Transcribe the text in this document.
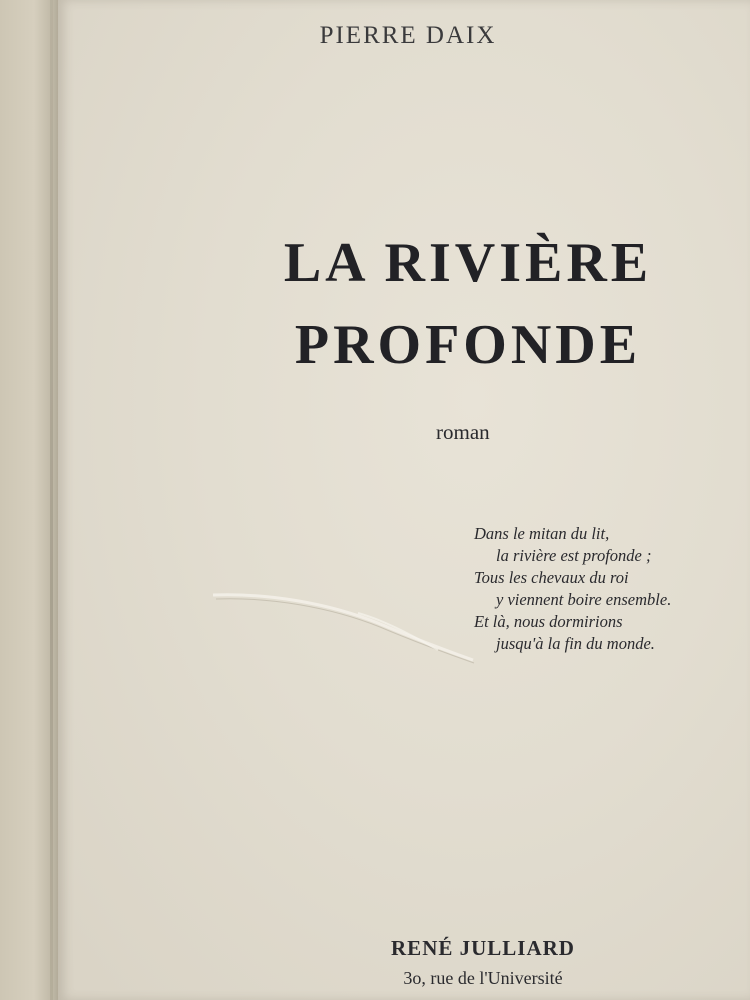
PIERRE DAIX
LA RIVIÈRE
PROFONDE
roman
Dans le mitan du lit,
la rivière est profonde ;
Tous les chevaux du roi
y viennent boire ensemble.
Et là, nous dormirions
jusqu'à la fin du monde.
RENÉ JULLIARD
3o, rue de l'Université
